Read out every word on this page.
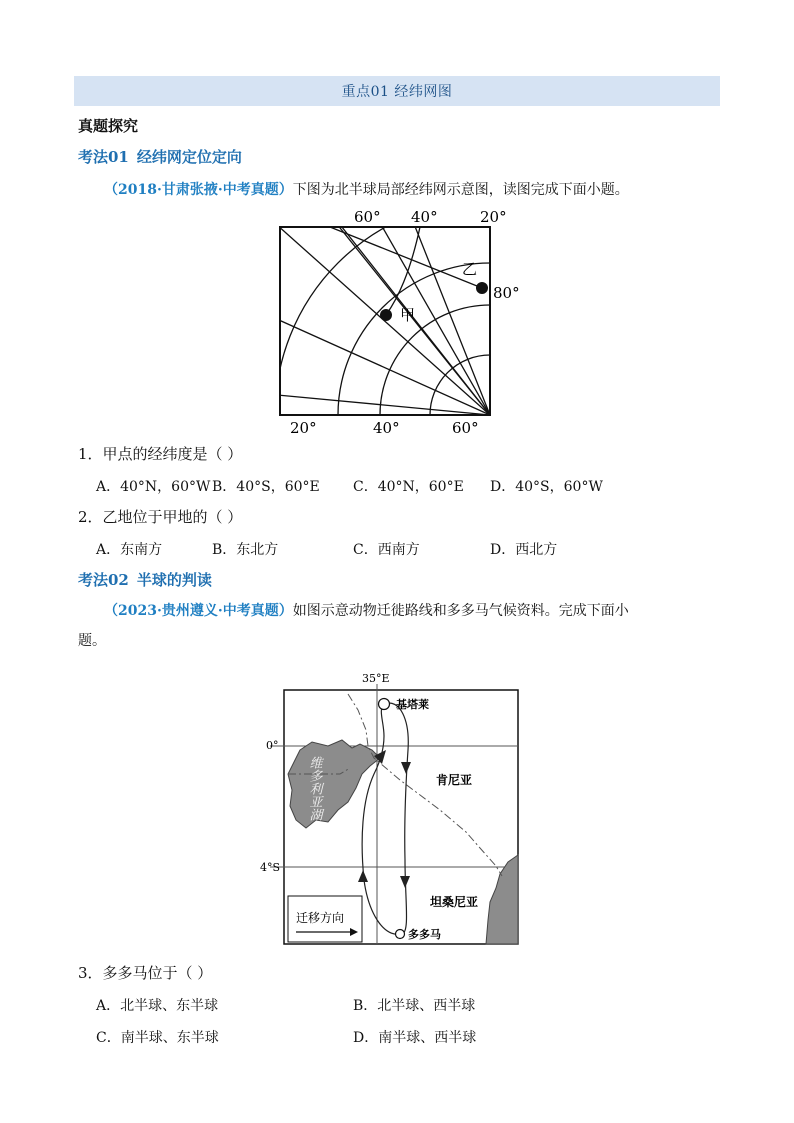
重点01 经纬网图
真题探究
考法01 经纬网定位定向
（2018·甘肃张掖·中考真题）下图为北半球局部经纬网示意图，读图完成下面小题。
甲
乙
60° 40°	20°
80°
20°	40°	60°
1．甲点的经纬度是（ ）
A．40°N，60°W B．40°S，60°E C．40°N，60°E D．40°S，60°W
2．乙地位于甲地的（ ）
A．东南方	B．东北方	C．西南方	D．西北方
考法02 半球的判读
（2023·贵州遵义·中考真题）如图示意动物迁徙路线和多多马气候资料。完成下面小
题。
维多利亚湖
基塔莱
多多马
肯尼亚
坦桑尼亚
35°E
0°
4°S
迁移方向
3．多多马位于（ ）
A．北半球、东半球	B．北半球、西半球
C．南半球、东半球	D．南半球、西半球
